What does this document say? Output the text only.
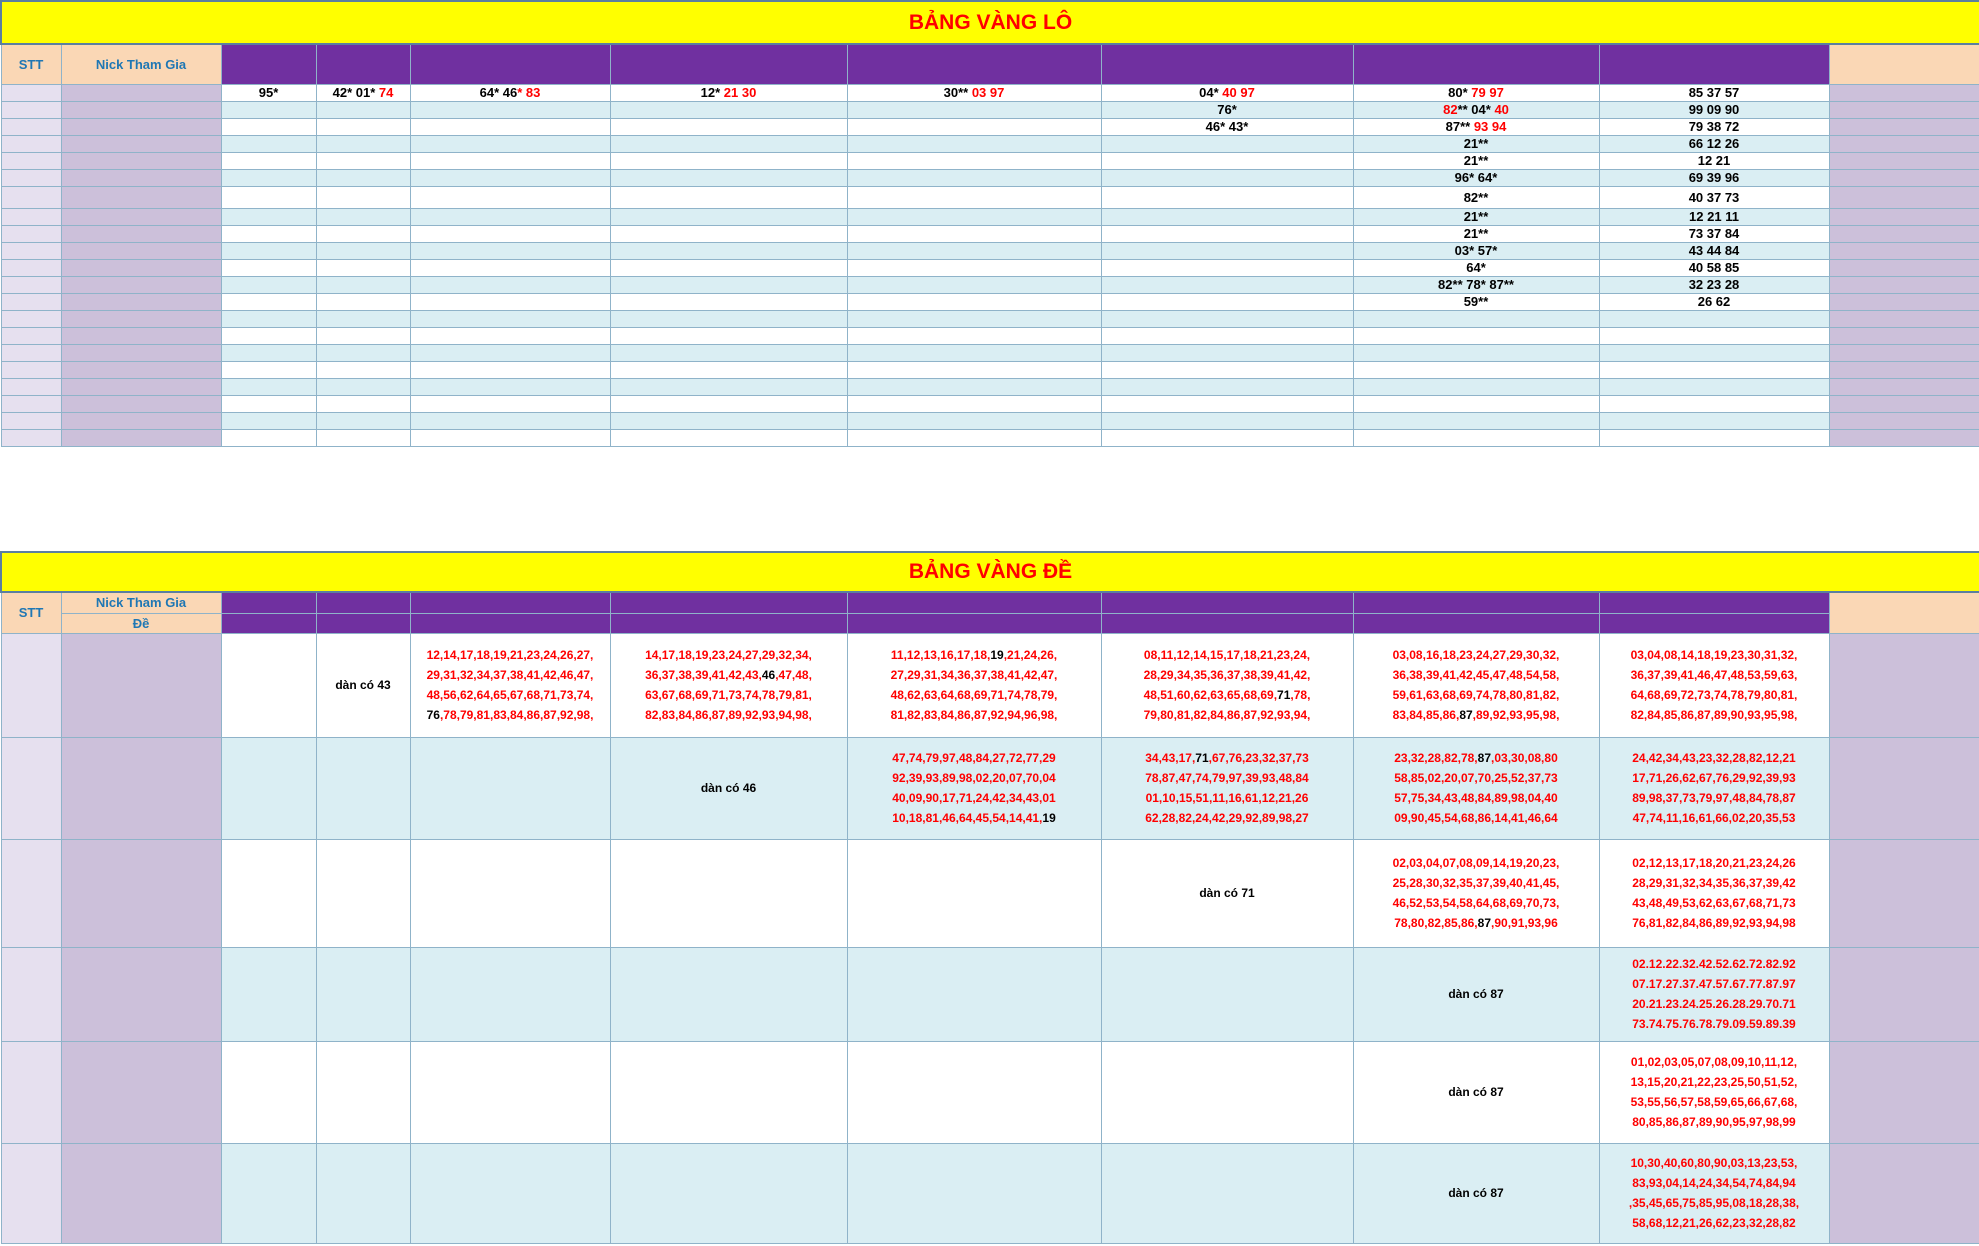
BẢNG VÀNG LÔ										
STT	Nick Tham Gia									
		95*	42* 01* 74	64* 46* 83	12* 21 30	30** 03 97	04* 40 97	80* 79 97	85 37 57	
							76*	82** 04* 40	99 09 90	
							46* 43*	87** 93 94	79 38 72	
								21**	66 12 26	
								21**	12 21	
								96* 64*	69 39 96	
								82**	40 37 73	
								21**	12 21 11	
								21**	73 37 84	
								03* 57*	43 44 84	
								64*	40 58 85	
								82** 78* 87**	32 23 28	
								59**	26 62	

BẢNG VÀNG ĐỀ										
STT	Nick Tham Gia									
	Đề									
			dàn có 43	12,14,17,18,19,21,23,24,26,27,
29,31,32,34,37,38,41,42,46,47,
48,56,62,64,65,67,68,71,73,74,
76,78,79,81,83,84,86,87,92,98,	14,17,18,19,23,24,27,29,32,34,
36,37,38,39,41,42,43,46,47,48,
63,67,68,69,71,73,74,78,79,81,
82,83,84,86,87,89,92,93,94,98,	11,12,13,16,17,18,19,21,24,26,
27,29,31,34,36,37,38,41,42,47,
48,62,63,64,68,69,71,74,78,79,
81,82,83,84,86,87,92,94,96,98,	08,11,12,14,15,17,18,21,23,24,
28,29,34,35,36,37,38,39,41,42,
48,51,60,62,63,65,68,69,71,78,
79,80,81,82,84,86,87,92,93,94,	03,08,16,18,23,24,27,29,30,32,
36,38,39,41,42,45,47,48,54,58,
59,61,63,68,69,74,78,80,81,82,
83,84,85,86,87,89,92,93,95,98,	03,04,08,14,18,19,23,30,31,32,
36,37,39,41,46,47,48,53,59,63,
64,68,69,72,73,74,78,79,80,81,
82,84,85,86,87,89,90,93,95,98,	
					dàn có 46	47,74,79,97,48,84,27,72,77,29
92,39,93,89,98,02,20,07,70,04
40,09,90,17,71,24,42,34,43,01
10,18,81,46,64,45,54,14,41,19	34,43,17,71,67,76,23,32,37,73
78,87,47,74,79,97,39,93,48,84
01,10,15,51,11,16,61,12,21,26
62,28,82,24,42,29,92,89,98,27	23,32,28,82,78,87,03,30,08,80
58,85,02,20,07,70,25,52,37,73
57,75,34,43,48,84,89,98,04,40
09,90,45,54,68,86,14,41,46,64	24,42,34,43,23,32,28,82,12,21
17,71,26,62,67,76,29,92,39,93
89,98,37,73,79,97,48,84,78,87
47,74,11,16,61,66,02,20,35,53	
							dàn có 71	02,03,04,07,08,09,14,19,20,23,
25,28,30,32,35,37,39,40,41,45,
46,52,53,54,58,64,68,69,70,73,
78,80,82,85,86,87,90,91,93,96	02,12,13,17,18,20,21,23,24,26
28,29,31,32,34,35,36,37,39,42
43,48,49,53,62,63,67,68,71,73
76,81,82,84,86,89,92,93,94,98	
								dàn có 87	02.12.22.32.42.52.62.72.82.92
07.17.27.37.47.57.67.77.87.97
20.21.23.24.25.26.28.29.70.71
73.74.75.76.78.79.09.59.89.39	
								dàn có 87	01,02,03,05,07,08,09,10,11,12,
13,15,20,21,22,23,25,50,51,52,
53,55,56,57,58,59,65,66,67,68,
80,85,86,87,89,90,95,97,98,99	
								dàn có 87	10,30,40,60,80,90,03,13,23,53,
83,93,04,14,24,34,54,74,84,94
,35,45,65,75,85,95,08,18,28,38,
58,68,12,21,26,62,23,32,28,82	
